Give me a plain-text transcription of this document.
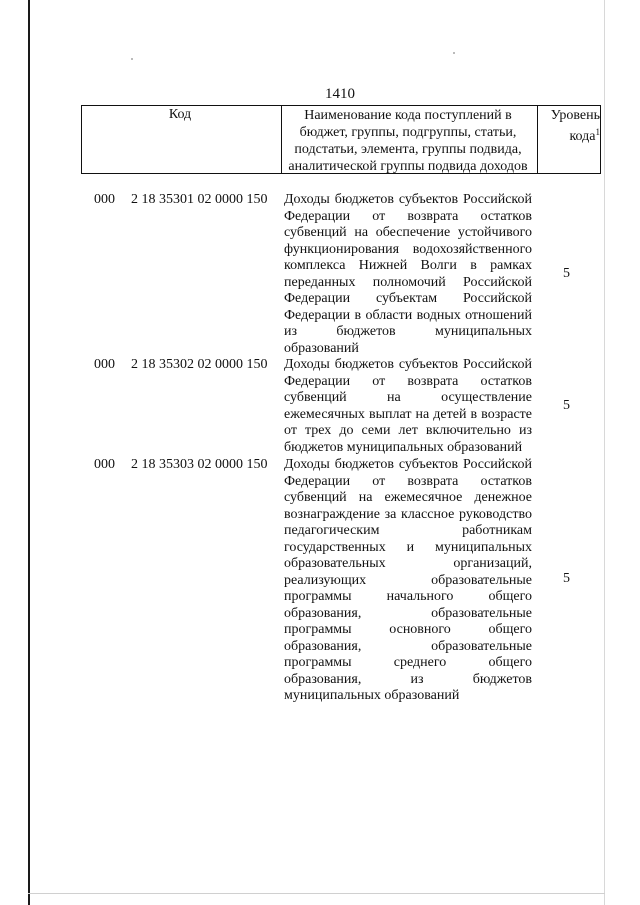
1410
Код	Наименование кода поступлений в бюджет, группы, подгруппы, статьи, подстатьи, элемента, группы подвида, аналитической группы подвида доходов
Уровень кода$^1$
000 2 18 35301 02 0000 150 Доходы бюджетов субъектов Российской Федерации от возврата остатков субвенций на обеспечение устойчивого функционирования водохозяйственного комплекса Нижней Волги в рамках переданных полномочий Российской Федерации субъектам Российской Федерации в области водных отношений из бюджетов муниципальных образований
5
000 2 18 35302 02 0000 150 Доходы бюджетов субъектов Российской Федерации от возврата остатков субвенций на осуществление ежемесячных выплат на детей в возрасте от трех до семи лет включительно из бюджетов муниципальных образований
5
000 2 18 35303 02 0000 150 Доходы бюджетов субъектов Российской Федерации от возврата остатков субвенций на ежемесячное денежное вознаграждение за классное руководство педагогическим работникам государственных и муниципальных образовательных организаций, реализующих образовательные программы начального общего образования, образовательные программы основного общего образования, образовательные программы среднего общего образования, из бюджетов муниципальных образований
5
